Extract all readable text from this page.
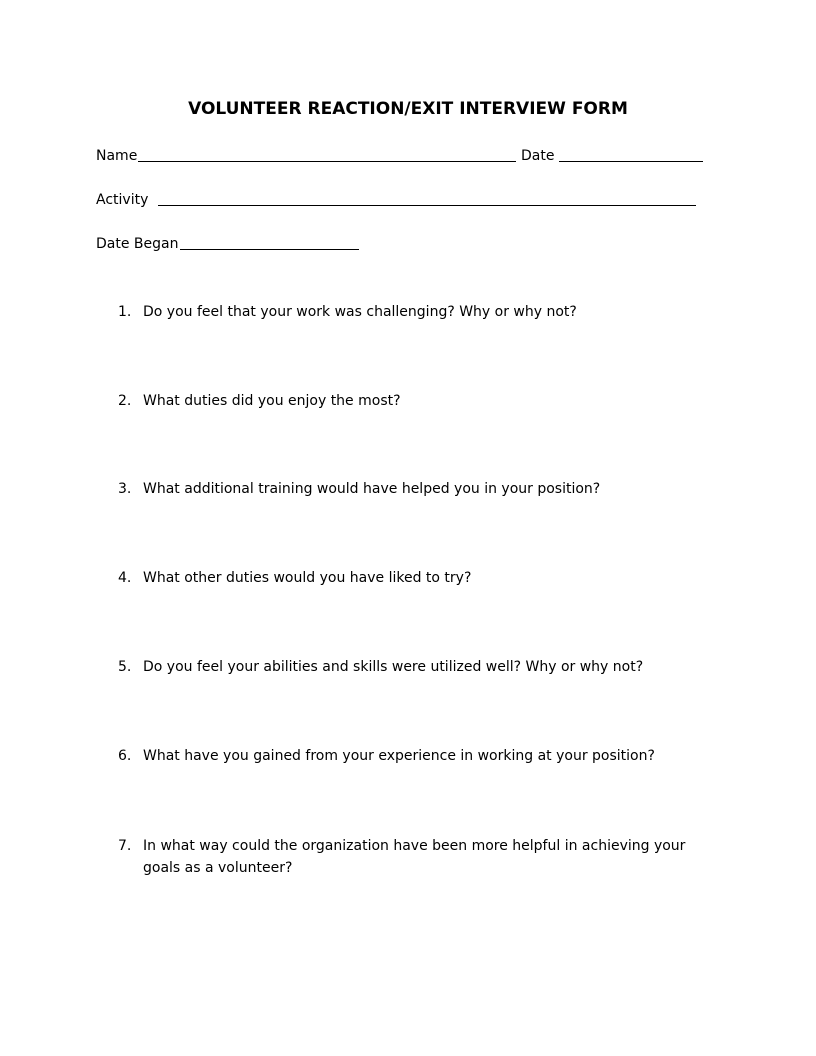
VOLUNTEER REACTION/EXIT INTERVIEW FORM
Name	Date
Activity
Date Began
1. Do you feel that your work was challenging? Why or why not?
2. What duties did you enjoy the most?
3. What additional training would have helped you in your position?
4. What other duties would you have liked to try?
5. Do you feel your abilities and skills were utilized well? Why or why not?
6. What have you gained from your experience in working at your position?
7. In what way could the organization have been more helpful in achieving your goals as a volunteer?
